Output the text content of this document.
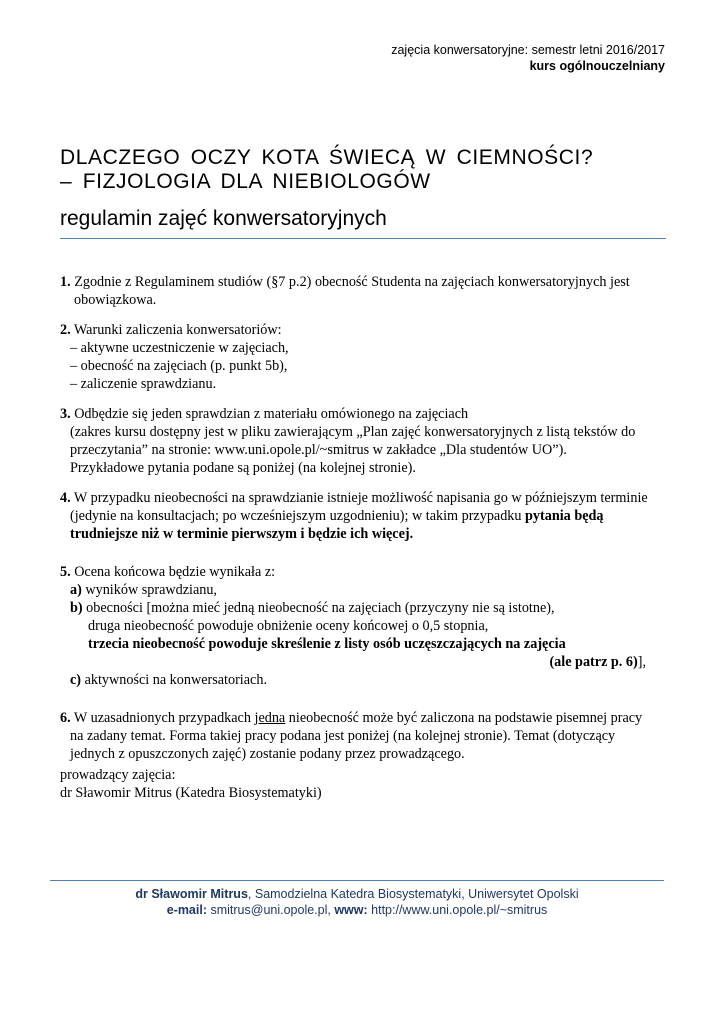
zajęcia konwersatoryjne: semestr letni 2016/2017
kurs ogólnouczelniany
DLACZEGO OCZY KOTA ŚWIECĄ W CIEMNOŚCI?
– FIZJOLOGIA DLA NIEBIOLOGÓW
regulamin zajęć konwersatoryjnych
1. Zgodnie z Regulaminem studiów (§7 p.2) obecność Studenta na zajęciach konwersatoryjnych jest
obowiązkowa.
2. Warunki zaliczenia konwersatoriów:
– aktywne uczestniczenie w zajęciach,
– obecność na zajęciach (p. punkt 5b),
– zaliczenie sprawdzianu.
3. Odbędzie się jeden sprawdzian z materiału omówionego na zajęciach
(zakres kursu dostępny jest w pliku zawierającym „Plan zajęć konwersatoryjnych z listą tekstów do
przeczytania” na stronie: www.uni.opole.pl/~smitrus w zakładce „Dla studentów UO”).
Przykładowe pytania podane są poniżej (na kolejnej stronie).
4. W przypadku nieobecności na sprawdzianie istnieje możliwość napisania go w późniejszym terminie
(jedynie na konsultacjach; po wcześniejszym uzgodnieniu); w takim przypadku pytania będą
trudniejsze niż w terminie pierwszym i będzie ich więcej.
5. Ocena końcowa będzie wynikała z:
a) wyników sprawdzianu,
b) obecności [można mieć jedną nieobecność na zajęciach (przyczyny nie są istotne),
druga nieobecność powoduje obniżenie oceny końcowej o 0,5 stopnia,
trzecia nieobecność powoduje skreślenie z listy osób uczęszczających na zajęcia
(ale patrz p. 6)],
c) aktywności na konwersatoriach.
6. W uzasadnionych przypadkach jedna nieobecność może być zaliczona na podstawie pisemnej pracy
na zadany temat. Forma takiej pracy podana jest poniżej (na kolejnej stronie). Temat (dotyczący
jednych z opuszczonych zajęć) zostanie podany przez prowadzącego.
prowadzący zajęcia:
dr Sławomir Mitrus (Katedra Biosystematyki)
dr Sławomir Mitrus, Samodzielna Katedra Biosystematyki, Uniwersytet Opolski
e-mail: smitrus@uni.opole.pl, www: http://www.uni.opole.pl/~smitrus
